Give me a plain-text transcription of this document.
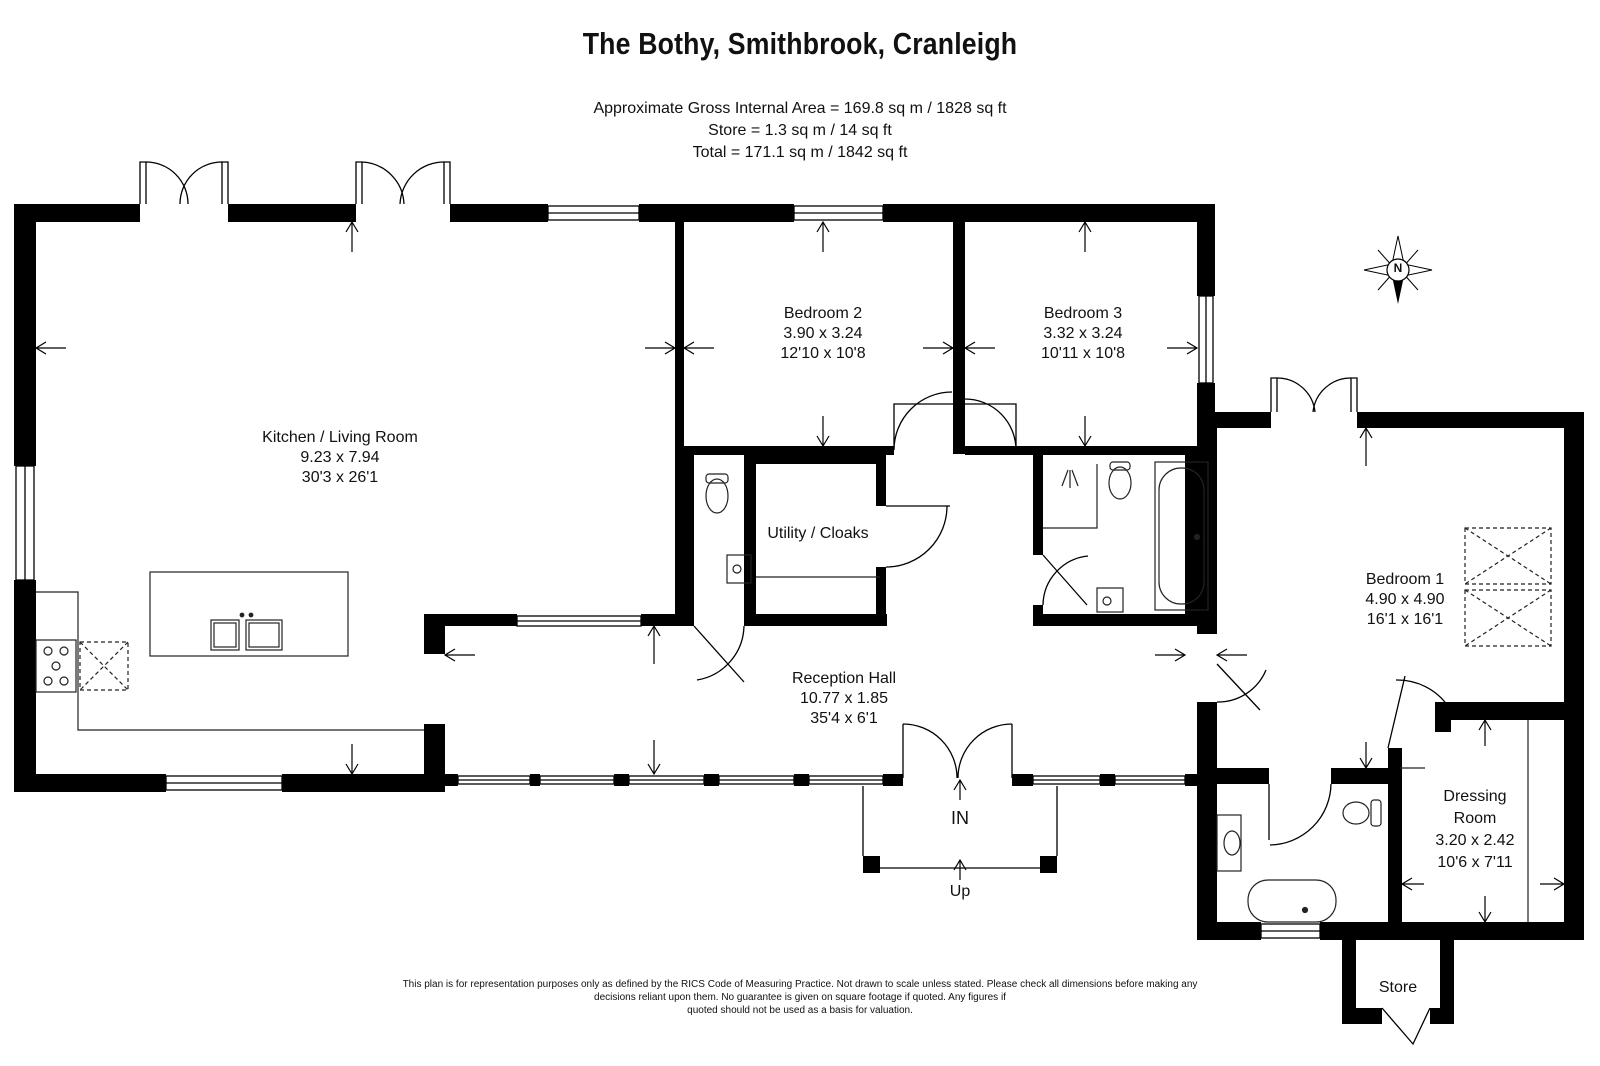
The Bothy, Smithbrook, Cranleigh
Approximate Gross Internal Area = 169.8 sq m / 1828 sq ft
Store = 1.3 sq m / 14 sq ft
Total = 171.1 sq m / 1842 sq ft
Kitchen / Living Room
9.23 x 7.94
30'3 x 26'1
Bedroom 2
3.90 x 3.24
12'10 x 10'8
Bedroom 3
3.32 x 3.24
10'11 x 10'8
Utility / Cloaks
Reception Hall
10.77 x 1.85
35'4 x 6'1
Bedroom 1
4.90 x 4.90
16'1 x 16'1
Dressing
Room
3.20 x 2.42
10'6 x 7'11
Store
IN
Up
N
This plan is for representation purposes only as defined by the RICS Code of Measuring Practice. Not drawn to scale unless stated. Please check all dimensions before making any
decisions reliant upon them. No guarantee is given on square footage if quoted. Any figures if
quoted should not be used as a basis for valuation.
